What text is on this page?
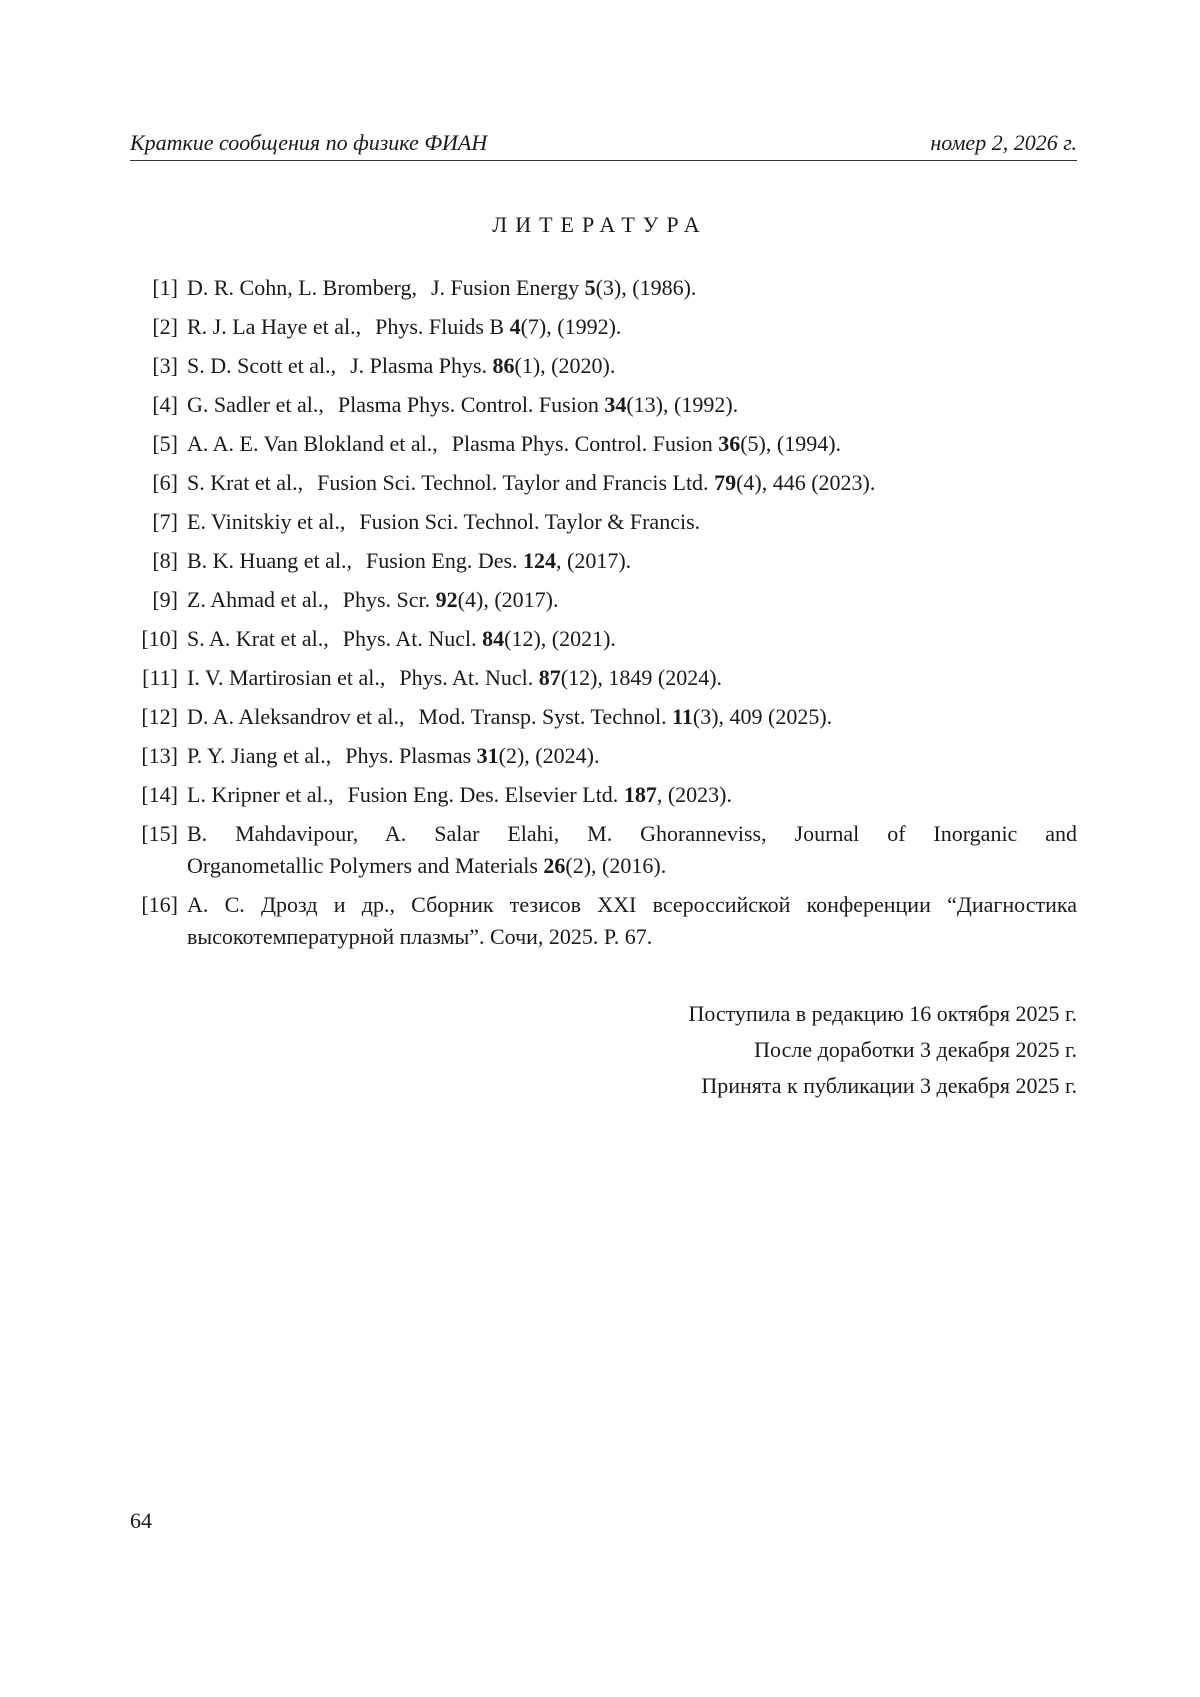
Краткие сообщения по физике ФИАН	номер 2, 2026 г.
ЛИТЕРАТУРА
[1] D. R. Cohn, L. Bromberg, J. Fusion Energy 5(3), (1986).
[2] R. J. La Haye et al., Phys. Fluids B 4(7), (1992).
[3] S. D. Scott et al., J. Plasma Phys. 86(1), (2020).
[4] G. Sadler et al., Plasma Phys. Control. Fusion 34(13), (1992).
[5] A. A. E. Van Blokland et al., Plasma Phys. Control. Fusion 36(5), (1994).
[6] S. Krat et al., Fusion Sci. Technol. Taylor and Francis Ltd. 79(4), 446 (2023).
[7] E. Vinitskiy et al., Fusion Sci. Technol. Taylor & Francis.
[8] B. K. Huang et al., Fusion Eng. Des. 124, (2017).
[9] Z. Ahmad et al., Phys. Scr. 92(4), (2017).
[10] S. A. Krat et al., Phys. At. Nucl. 84(12), (2021).
[11] I. V. Martirosian et al., Phys. At. Nucl. 87(12), 1849 (2024).
[12] D. A. Aleksandrov et al., Mod. Transp. Syst. Technol. 11(3), 409 (2025).
[13] P. Y. Jiang et al., Phys. Plasmas 31(2), (2024).
[14] L. Kripner et al., Fusion Eng. Des. Elsevier Ltd. 187, (2023).
[15] B. Mahdavipour, A. Salar Elahi, M. Ghoranneviss, Journal of Inorganic and
Organometallic Polymers and Materials 26(2), (2016).
[16] А. С. Дрозд и др., Сборник тезисов XXI всероссийской конференции “Диагностика
высокотемпературной плазмы”. Сочи, 2025. P. 67.
Поступила в редакцию 16 октября 2025 г.
После доработки 3 декабря 2025 г.
Принята к публикации 3 декабря 2025 г.
64
